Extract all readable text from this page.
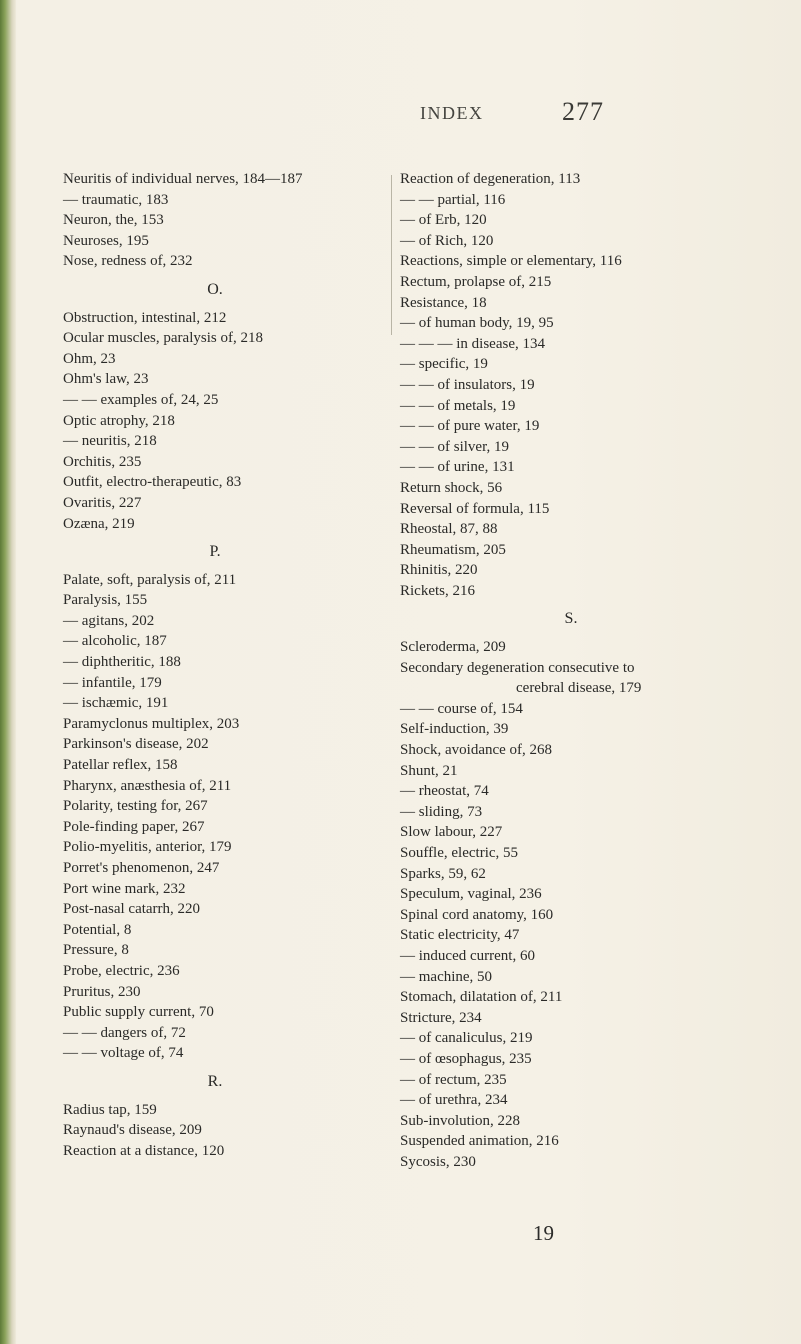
INDEX	277
Neuritis of individual nerves, 184—187
— traumatic, 183
Neuron, the, 153
Neuroses, 195
Nose, redness of, 232
O.
Obstruction, intestinal, 212
Ocular muscles, paralysis of, 218
Ohm, 23
Ohm's law, 23
— — examples of, 24, 25
Optic atrophy, 218
— neuritis, 218
Orchitis, 235
Outfit, electro-therapeutic, 83
Ovaritis, 227
Ozæna, 219
P.
Palate, soft, paralysis of, 211
Paralysis, 155
— agitans, 202
— alcoholic, 187
— diphtheritic, 188
— infantile, 179
— ischæmic, 191
Paramyclonus multiplex, 203
Parkinson's disease, 202
Patellar reflex, 158
Pharynx, anæsthesia of, 211
Polarity, testing for, 267
Pole-finding paper, 267
Polio-myelitis, anterior, 179
Porret's phenomenon, 247
Port wine mark, 232
Post-nasal catarrh, 220
Potential, 8
Pressure, 8
Probe, electric, 236
Pruritus, 230
Public supply current, 70
— — dangers of, 72
— — voltage of, 74
R.
Radius tap, 159
Raynaud's disease, 209
Reaction at a distance, 120
Reaction of degeneration, 113
— — partial, 116
— of Erb, 120
— of Rich, 120
Reactions, simple or elementary, 116
Rectum, prolapse of, 215
Resistance, 18
— of human body, 19, 95
— — — in disease, 134
— specific, 19
— — of insulators, 19
— — of metals, 19
— — of pure water, 19
— — of silver, 19
— — of urine, 131
Return shock, 56
Reversal of formula, 115
Rheostal, 87, 88
Rheumatism, 205
Rhinitis, 220
Rickets, 216
S.
Scleroderma, 209
Secondary degeneration consecutive to
cerebral disease, 179
— — course of, 154
Self-induction, 39
Shock, avoidance of, 268
Shunt, 21
— rheostat, 74
— sliding, 73
Slow labour, 227
Souffle, electric, 55
Sparks, 59, 62
Speculum, vaginal, 236
Spinal cord anatomy, 160
Static electricity, 47
— induced current, 60
— machine, 50
Stomach, dilatation of, 211
Stricture, 234
— of canaliculus, 219
— of œsophagus, 235
— of rectum, 235
— of urethra, 234
Sub-involution, 228
Suspended animation, 216
Sycosis, 230
19
